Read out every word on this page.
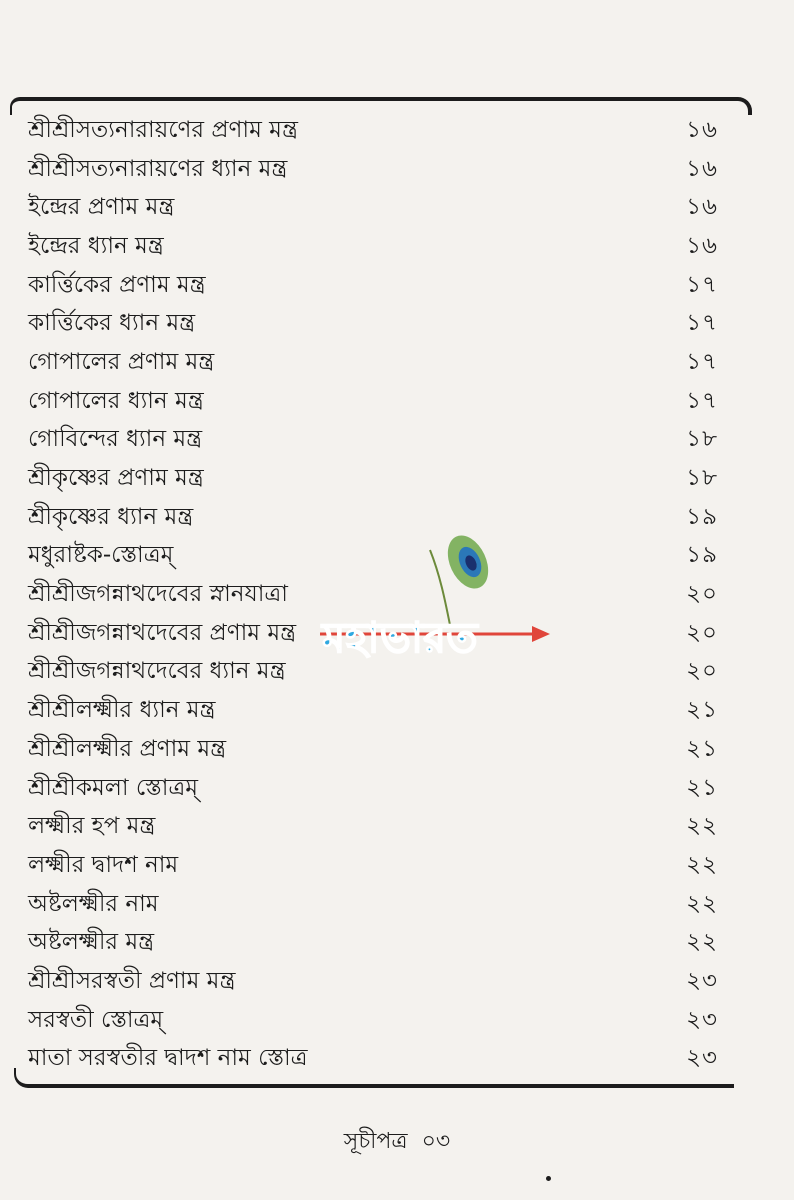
শ্রীশ্রীসত্যনারায়ণের প্রণাম মন্ত্র	১৬
শ্রীশ্রীসত্যনারায়ণের ধ্যান মন্ত্র	১৬
ইন্দ্রের প্রণাম মন্ত্র	১৬
ইন্দ্রের ধ্যান মন্ত্র	১৬
কার্ত্তিকের প্রণাম মন্ত্র	১৭
কার্ত্তিকের ধ্যান মন্ত্র	১৭
গোপালের প্রণাম মন্ত্র	১৭
গোপালের ধ্যান মন্ত্র	১৭
গোবিন্দের ধ্যান মন্ত্র	১৮
শ্রীকৃষ্ণের প্রণাম মন্ত্র	১৮
শ্রীকৃষ্ণের ধ্যান মন্ত্র	১৯
মধুরাষ্টক-স্তোত্রম্	১৯
শ্রীশ্রীজগন্নাথদেবের স্নানযাত্রা	২০
শ্রীশ্রীজগন্নাথদেবের প্রণাম মন্ত্র	২০
শ্রীশ্রীজগন্নাথদেবের ধ্যান মন্ত্র	২০
শ্রীশ্রীলক্ষ্মীর ধ্যান মন্ত্র	২১
শ্রীশ্রীলক্ষ্মীর প্রণাম মন্ত্র	২১
শ্রীশ্রীকমলা স্তোত্রম্	২১
লক্ষ্মীর হপ মন্ত্র	২২
লক্ষ্মীর দ্বাদশ নাম	২২
অষ্টলক্ষ্মীর নাম	২২
অষ্টলক্ষ্মীর মন্ত্র	২২
শ্রীশ্রীসরস্বতী প্রণাম মন্ত্র	২৩
সরস্বতী স্তোত্রম্	২৩
মাতা সরস্বতীর দ্বাদশ নাম স্তোত্র	২৩
সূচীপত্র ০৩
মহাভারত
